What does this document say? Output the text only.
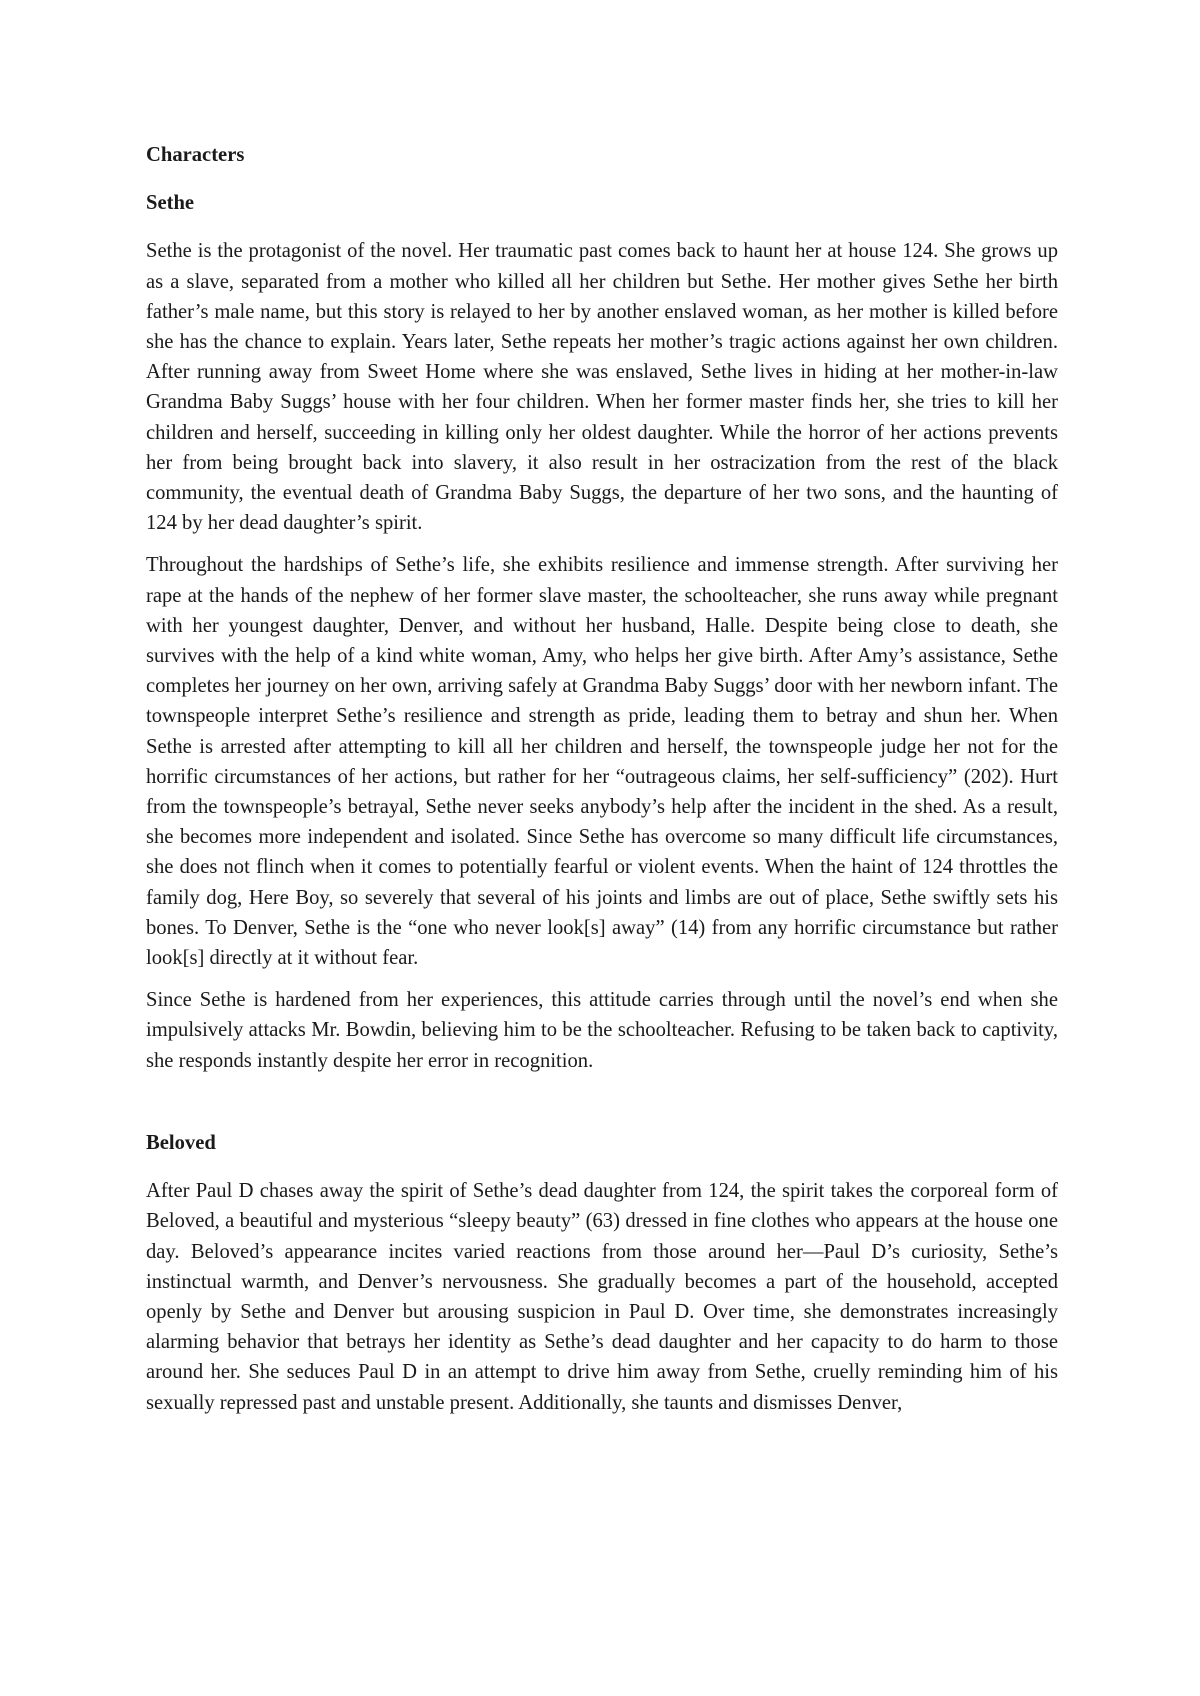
Characters
Sethe

Sethe is the protagonist of the novel. Her traumatic past comes back to haunt her at house 124. She grows up as a slave, separated from a mother who killed all her children but Sethe. Her mother gives Sethe her birth father’s male name, but this story is relayed to her by another enslaved woman, as her mother is killed before she has the chance to explain. Years later, Sethe repeats her mother’s tragic actions against her own children. After running away from Sweet Home where she was enslaved, Sethe lives in hiding at her mother-in-law Grandma Baby Suggs’ house with her four children. When her former master finds her, she tries to kill her children and herself, succeeding in killing only her oldest daughter. While the horror of her actions prevents her from being brought back into slavery, it also result in her ostracization from the rest of the black community, the eventual death of Grandma Baby Suggs, the departure of her two sons, and the haunting of 124 by her dead daughter’s spirit.

Throughout the hardships of Sethe’s life, she exhibits resilience and immense strength. After surviving her rape at the hands of the nephew of her former slave master, the schoolteacher, she runs away while pregnant with her youngest daughter, Denver, and without her husband, Halle. Despite being close to death, she survives with the help of a kind white woman, Amy, who helps her give birth. After Amy’s assistance, Sethe completes her journey on her own, arriving safely at Grandma Baby Suggs’ door with her newborn infant. The townspeople interpret Sethe’s resilience and strength as pride, leading them to betray and shun her. When Sethe is arrested after attempting to kill all her children and herself, the townspeople judge her not for the horrific circumstances of her actions, but rather for her “outrageous claims, her self-sufficiency” (202). Hurt from the townspeople’s betrayal, Sethe never seeks anybody’s help after the incident in the shed. As a result, she becomes more independent and isolated. Since Sethe has overcome so many difficult life circumstances, she does not flinch when it comes to potentially fearful or violent events. When the haint of 124 throttles the family dog, Here Boy, so severely that several of his joints and limbs are out of place, Sethe swiftly sets his bones. To Denver, Sethe is the “one who never look[s] away” (14) from any horrific circumstance but rather look[s] directly at it without fear.

Since Sethe is hardened from her experiences, this attitude carries through until the novel’s end when she impulsively attacks Mr. Bowdin, believing him to be the schoolteacher. Refusing to be taken back to captivity, she responds instantly despite her error in recognition.

Beloved

After Paul D chases away the spirit of Sethe’s dead daughter from 124, the spirit takes the corporeal form of Beloved, a beautiful and mysterious “sleepy beauty” (63) dressed in fine clothes who appears at the house one day. Beloved’s appearance incites varied reactions from those around her—Paul D’s curiosity, Sethe’s instinctual warmth, and Denver’s nervousness. She gradually becomes a part of the household, accepted openly by Sethe and Denver but arousing suspicion in Paul D. Over time, she demonstrates increasingly alarming behavior that betrays her identity as Sethe’s dead daughter and her capacity to do harm to those around her. She seduces Paul D in an attempt to drive him away from Sethe, cruelly reminding him of his sexually repressed past and unstable present. Additionally, she taunts and dismisses Denver,
